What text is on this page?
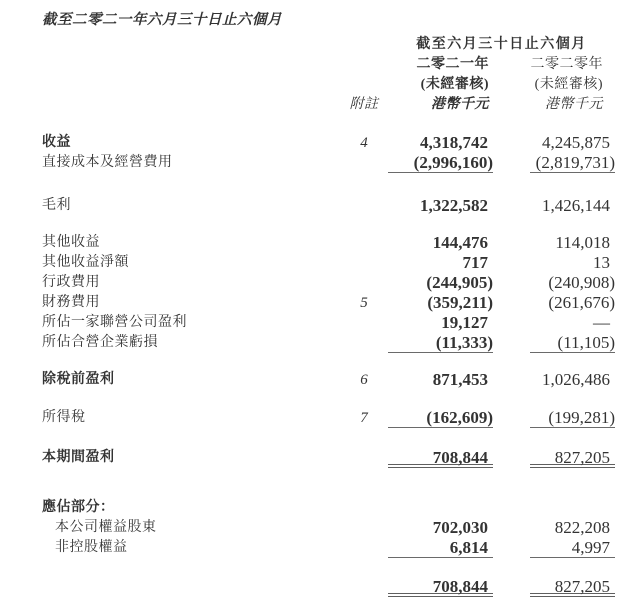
截至二零二一年六月三十日止六個月
截至六月三十日止六個月
二零二一年	二零二零年
(未經審核)	(未經審核)
附註	港幣千元	港幣千元
收益	4	4,318,742	4,245,875
直接成本及經營費用	(2,996,160)	(2,819,731)
毛利	1,322,582	1,426,144
其他收益	144,476	114,018
其他收益淨額	717	13
行政費用	(244,905)	(240,908)
財務費用	5	(359,211)	(261,676)
所佔一家聯營公司盈利	19,127	—
所佔合營企業虧損	(11,333)	(11,105)
除稅前盈利	6	871,453	1,026,486
所得稅	7	(162,609)	(199,281)
本期間盈利	708,844	827,205
應佔部分：
本公司權益股東	702,030	822,208
非控股權益	6,814	4,997
708,844	827,205
